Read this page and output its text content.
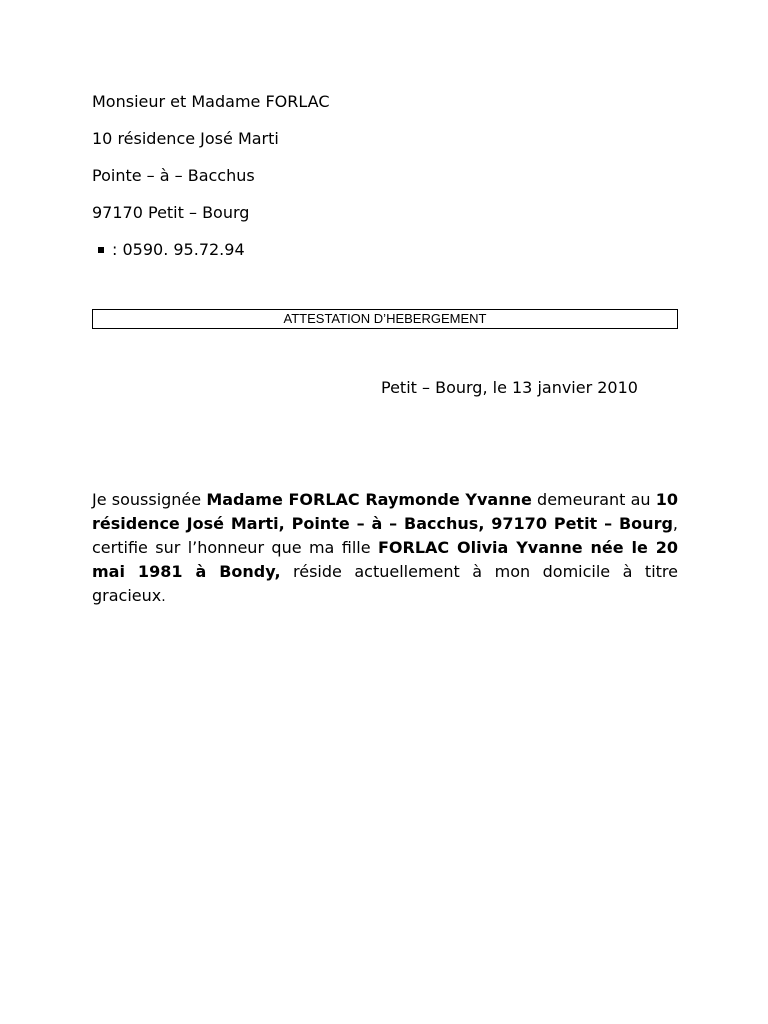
Monsieur et Madame FORLAC
10 résidence José Marti
Pointe – à – Bacchus
97170 Petit – Bourg
: 0590. 95.72.94
ATTESTATION D’HEBERGEMENT
Petit – Bourg, le 13 janvier 2010
Je soussignée Madame FORLAC Raymonde Yvanne demeurant au 10 résidence José Marti, Pointe – à – Bacchus, 97170 Petit – Bourg, certifie sur l’honneur que ma fille FORLAC Olivia Yvanne née le 20 mai 1981 à Bondy, réside actuellement à mon domicile à titre gracieux.
